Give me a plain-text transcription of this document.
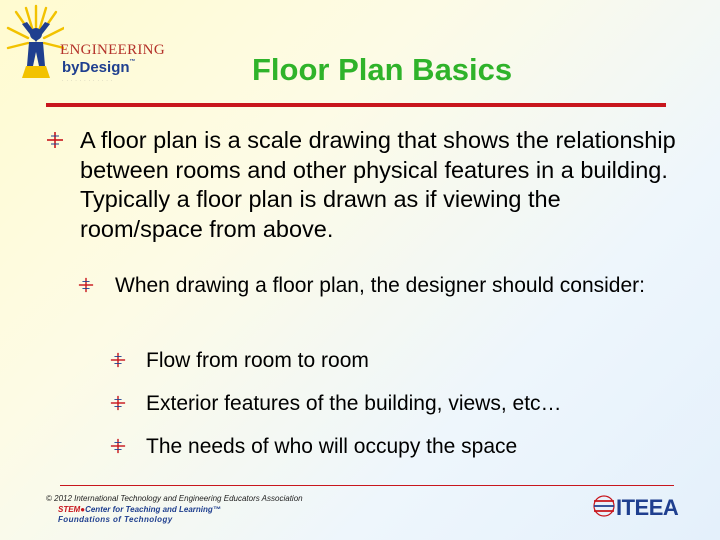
ENGINEERING
byDesign™
· · · · · · · · · · · ·	Floor Plan Basics
A floor plan is a scale drawing that shows the relationship between rooms and other physical features in a building. Typically a floor plan is drawn as if viewing the room/space from above.
When drawing a floor plan, the designer should consider:
Flow from room to room
Exterior features of the building, views, etc…
The needs of who will occupy the space
© 2012 International Technology and Engineering Educators Association
STEM●Center for Teaching and Learning™
Foundations of Technology	ITEEA
